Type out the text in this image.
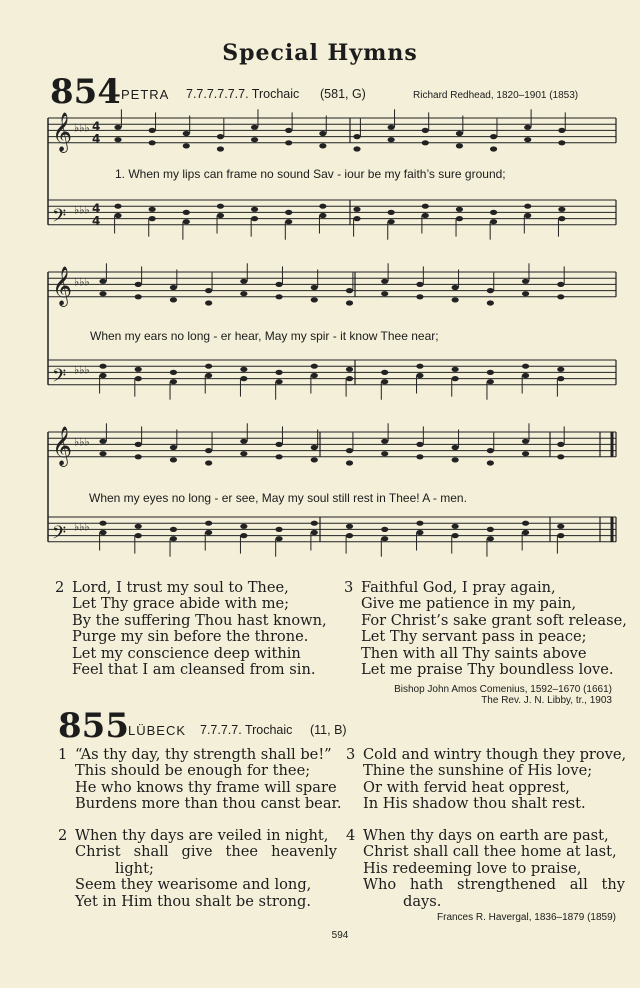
Special Hymns
854 PETRA 7.7.7.7.7.7. Trochaic (581, G)	Richard Redhead, 1820–1901 (1853)
𝄞 ♭♭♭ 4
4
𝄢 ♭♭♭ 4
4
𝄞 ♭♭♭
𝄢 ♭♭♭
𝄞 ♭♭♭
𝄢 ♭♭♭
1. When my lips can frame no sound Sav - iour be my faith’s sure ground;
When my ears no long - er hear, May my spir - it know Thee near;
When my eyes no long - er see, May my soul still rest in Thee! A - men.
2 Lord, I trust my soul to Thee,
Let Thy grace abide with me;
By the suffering Thou hast known,
Purge my sin before the throne.
Let my conscience deep within
Feel that I am cleansed from sin.
3 Faithful God, I pray again,
Give me patience in my pain,
For Christ’s sake grant soft release,
Let Thy servant pass in peace;
Then with all Thy saints above
Let me praise Thy boundless love.
Bishop John Amos Comenius, 1592–1670 (1661)
The Rev. J. N. Libby, tr., 1903
855 LÜBECK 7.7.7.7. Trochaic (11, B)
1 “As thy day, thy strength shall be!”
This should be enough for thee;
He who knows thy frame will spare
Burdens more than thou canst bear.
3 Cold and wintry though they prove,
Thine the sunshine of His love;
Or with fervid heat opprest,
In His shadow thou shalt rest.
2 When thy days are veiled in night,
Christ shall give thee heavenly
light;
Seem they wearisome and long,
Yet in Him thou shalt be strong.
4 When thy days on earth are past,
Christ shall call thee home at last,
His redeeming love to praise,
Who hath strengthened all thy
days.
Frances R. Havergal, 1836–1879 (1859)
594
